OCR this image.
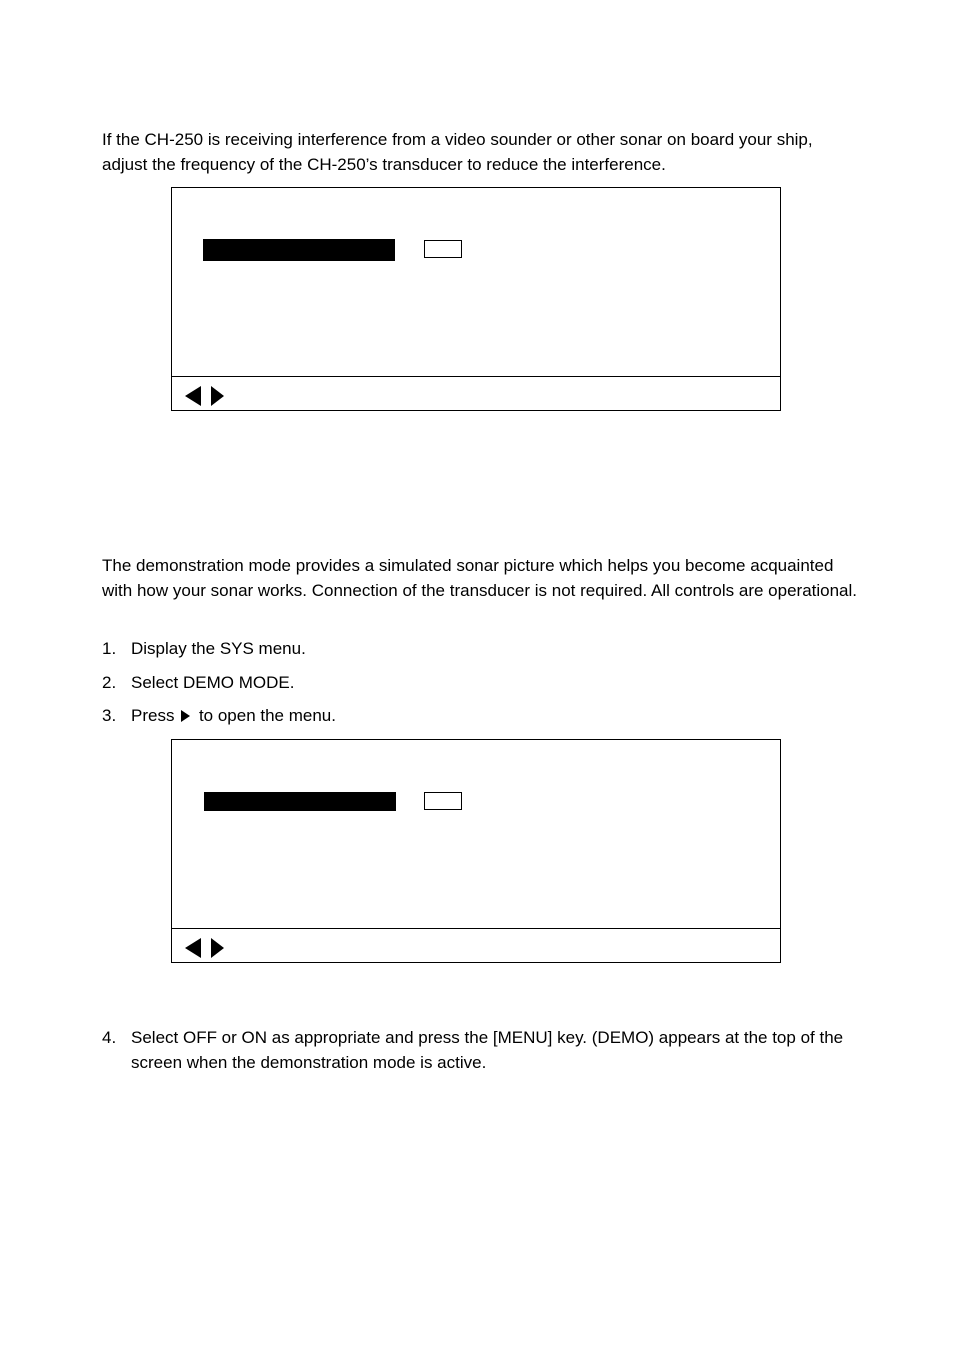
If the CH-250 is receiving interference from a video sounder or other sonar on board your ship, adjust the frequency of the CH-250’s transducer to reduce the interference.

The demonstration mode provides a simulated sonar picture which helps you become acquainted with how your sonar works. Connection of the transducer is not required. All controls are operational.

1. Display the SYS menu.
2. Select DEMO MODE.
3. Press to open the menu.
4. Select OFF or ON as appropriate and press the [MENU] key. (DEMO) appears at the top of the screen when the demonstration mode is active.
